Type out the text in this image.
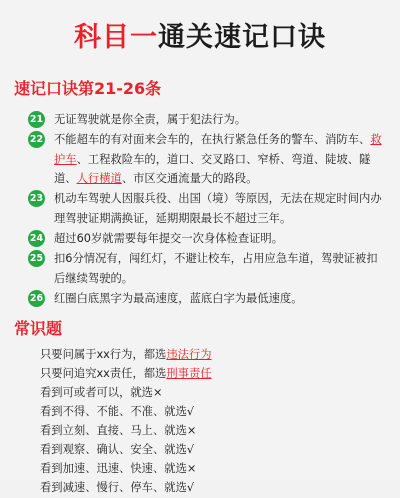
科目一通关速记口诀
速记口诀第21-26条
21 无证驾驶就是你全责，属于犯法行为。
22 不能超车的有对面来会车的，在执行紧急任务的警车、消防车、救护车、工程救险车的，道口、交叉路口、窄桥、弯道、陡坡、隧道、人行横道、市区交通流量大的路段。
23 机动车驾驶人因服兵役、出国（境）等原因，无法在规定时间内办理驾驶证期满换证，延期期限最长不超过三年。
24 超过60岁就需要每年提交一次身体检查证明。
25 扣6分情况有，闯红灯，不避让校车，占用应急车道，驾驶证被扣后继续驾驶的。
26 红圈白底黑字为最高速度，蓝底白字为最低速度。
常识题
只要问属于xx行为，都选违法行为
只要问追究xx责任，都选刑事责任
看到可或者可以，就选×
看到不得、不能、不准、就选√
看到立刻、直接、马上、就选×
看到观察、确认、安全、就选√
看到加速、迅速、快速、就选×
看到减速、慢行、停车、就选√
